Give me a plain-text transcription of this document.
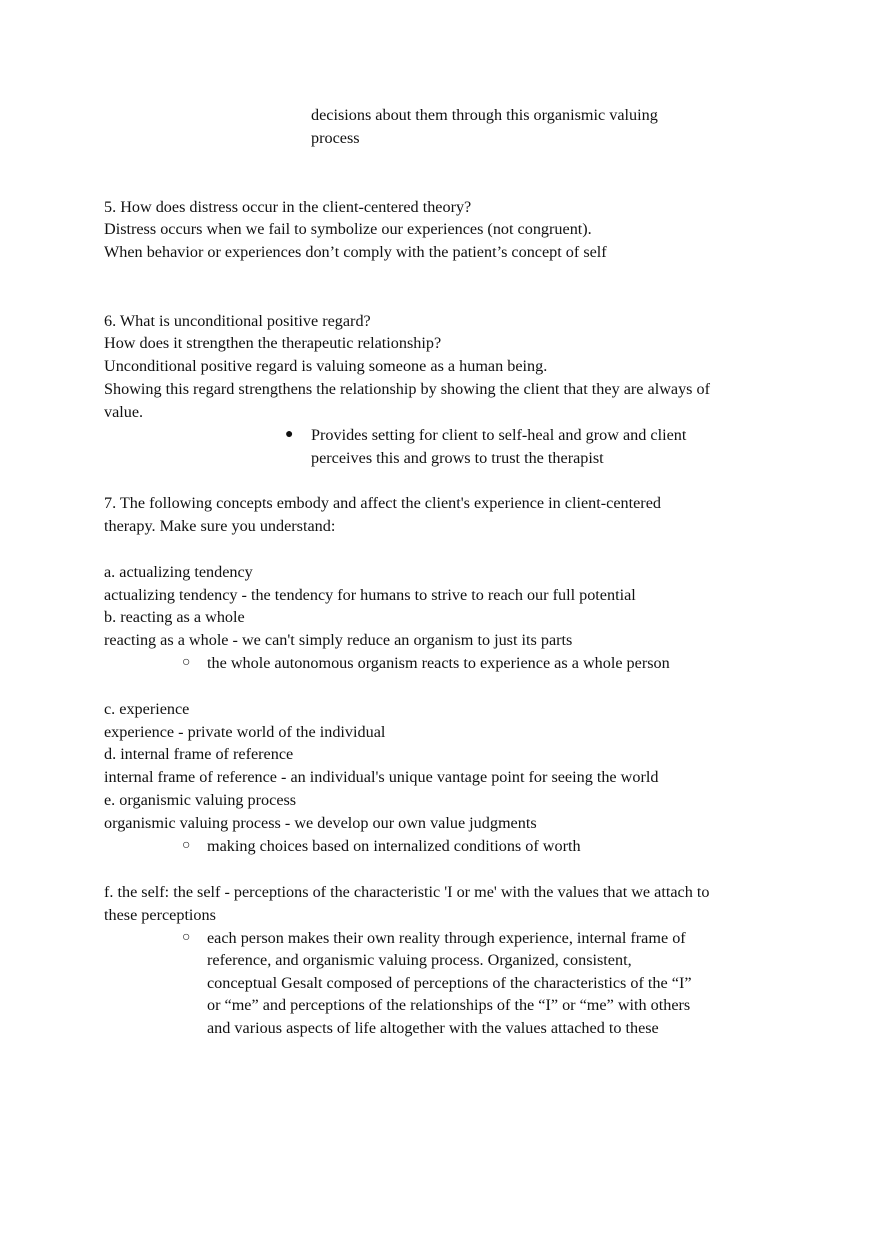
decisions about them through this organismic valuing
process
5. How does distress occur in the client-centered theory?
Distress occurs when we fail to symbolize our experiences (not congruent).
When behavior or experiences don’t comply with the patient’s concept of self
6. What is unconditional positive regard?
How does it strengthen the therapeutic relationship?
Unconditional positive regard is valuing someone as a human being.
Showing this regard strengthens the relationship by showing the client that they are always of
value.
● Provides setting for client to self-heal and grow and client
perceives this and grows to trust the therapist
7. The following concepts embody and affect the client's experience in client-centered
therapy. Make sure you understand:
a. actualizing tendency
actualizing tendency - the tendency for humans to strive to reach our full potential
b. reacting as a whole
reacting as a whole - we can't simply reduce an organism to just its parts
○ the whole autonomous organism reacts to experience as a whole person
c. experience
experience - private world of the individual
d. internal frame of reference
internal frame of reference - an individual's unique vantage point for seeing the world
e. organismic valuing process
organismic valuing process - we develop our own value judgments
○ making choices based on internalized conditions of worth
f. the self: the self - perceptions of the characteristic 'I or me' with the values that we attach to
these perceptions
○ each person makes their own reality through experience, internal frame of
reference, and organismic valuing process. Organized, consistent,
conceptual Gesalt composed of perceptions of the characteristics of the “I”
or “me” and perceptions of the relationships of the “I” or “me” with others
and various aspects of life altogether with the values attached to these
